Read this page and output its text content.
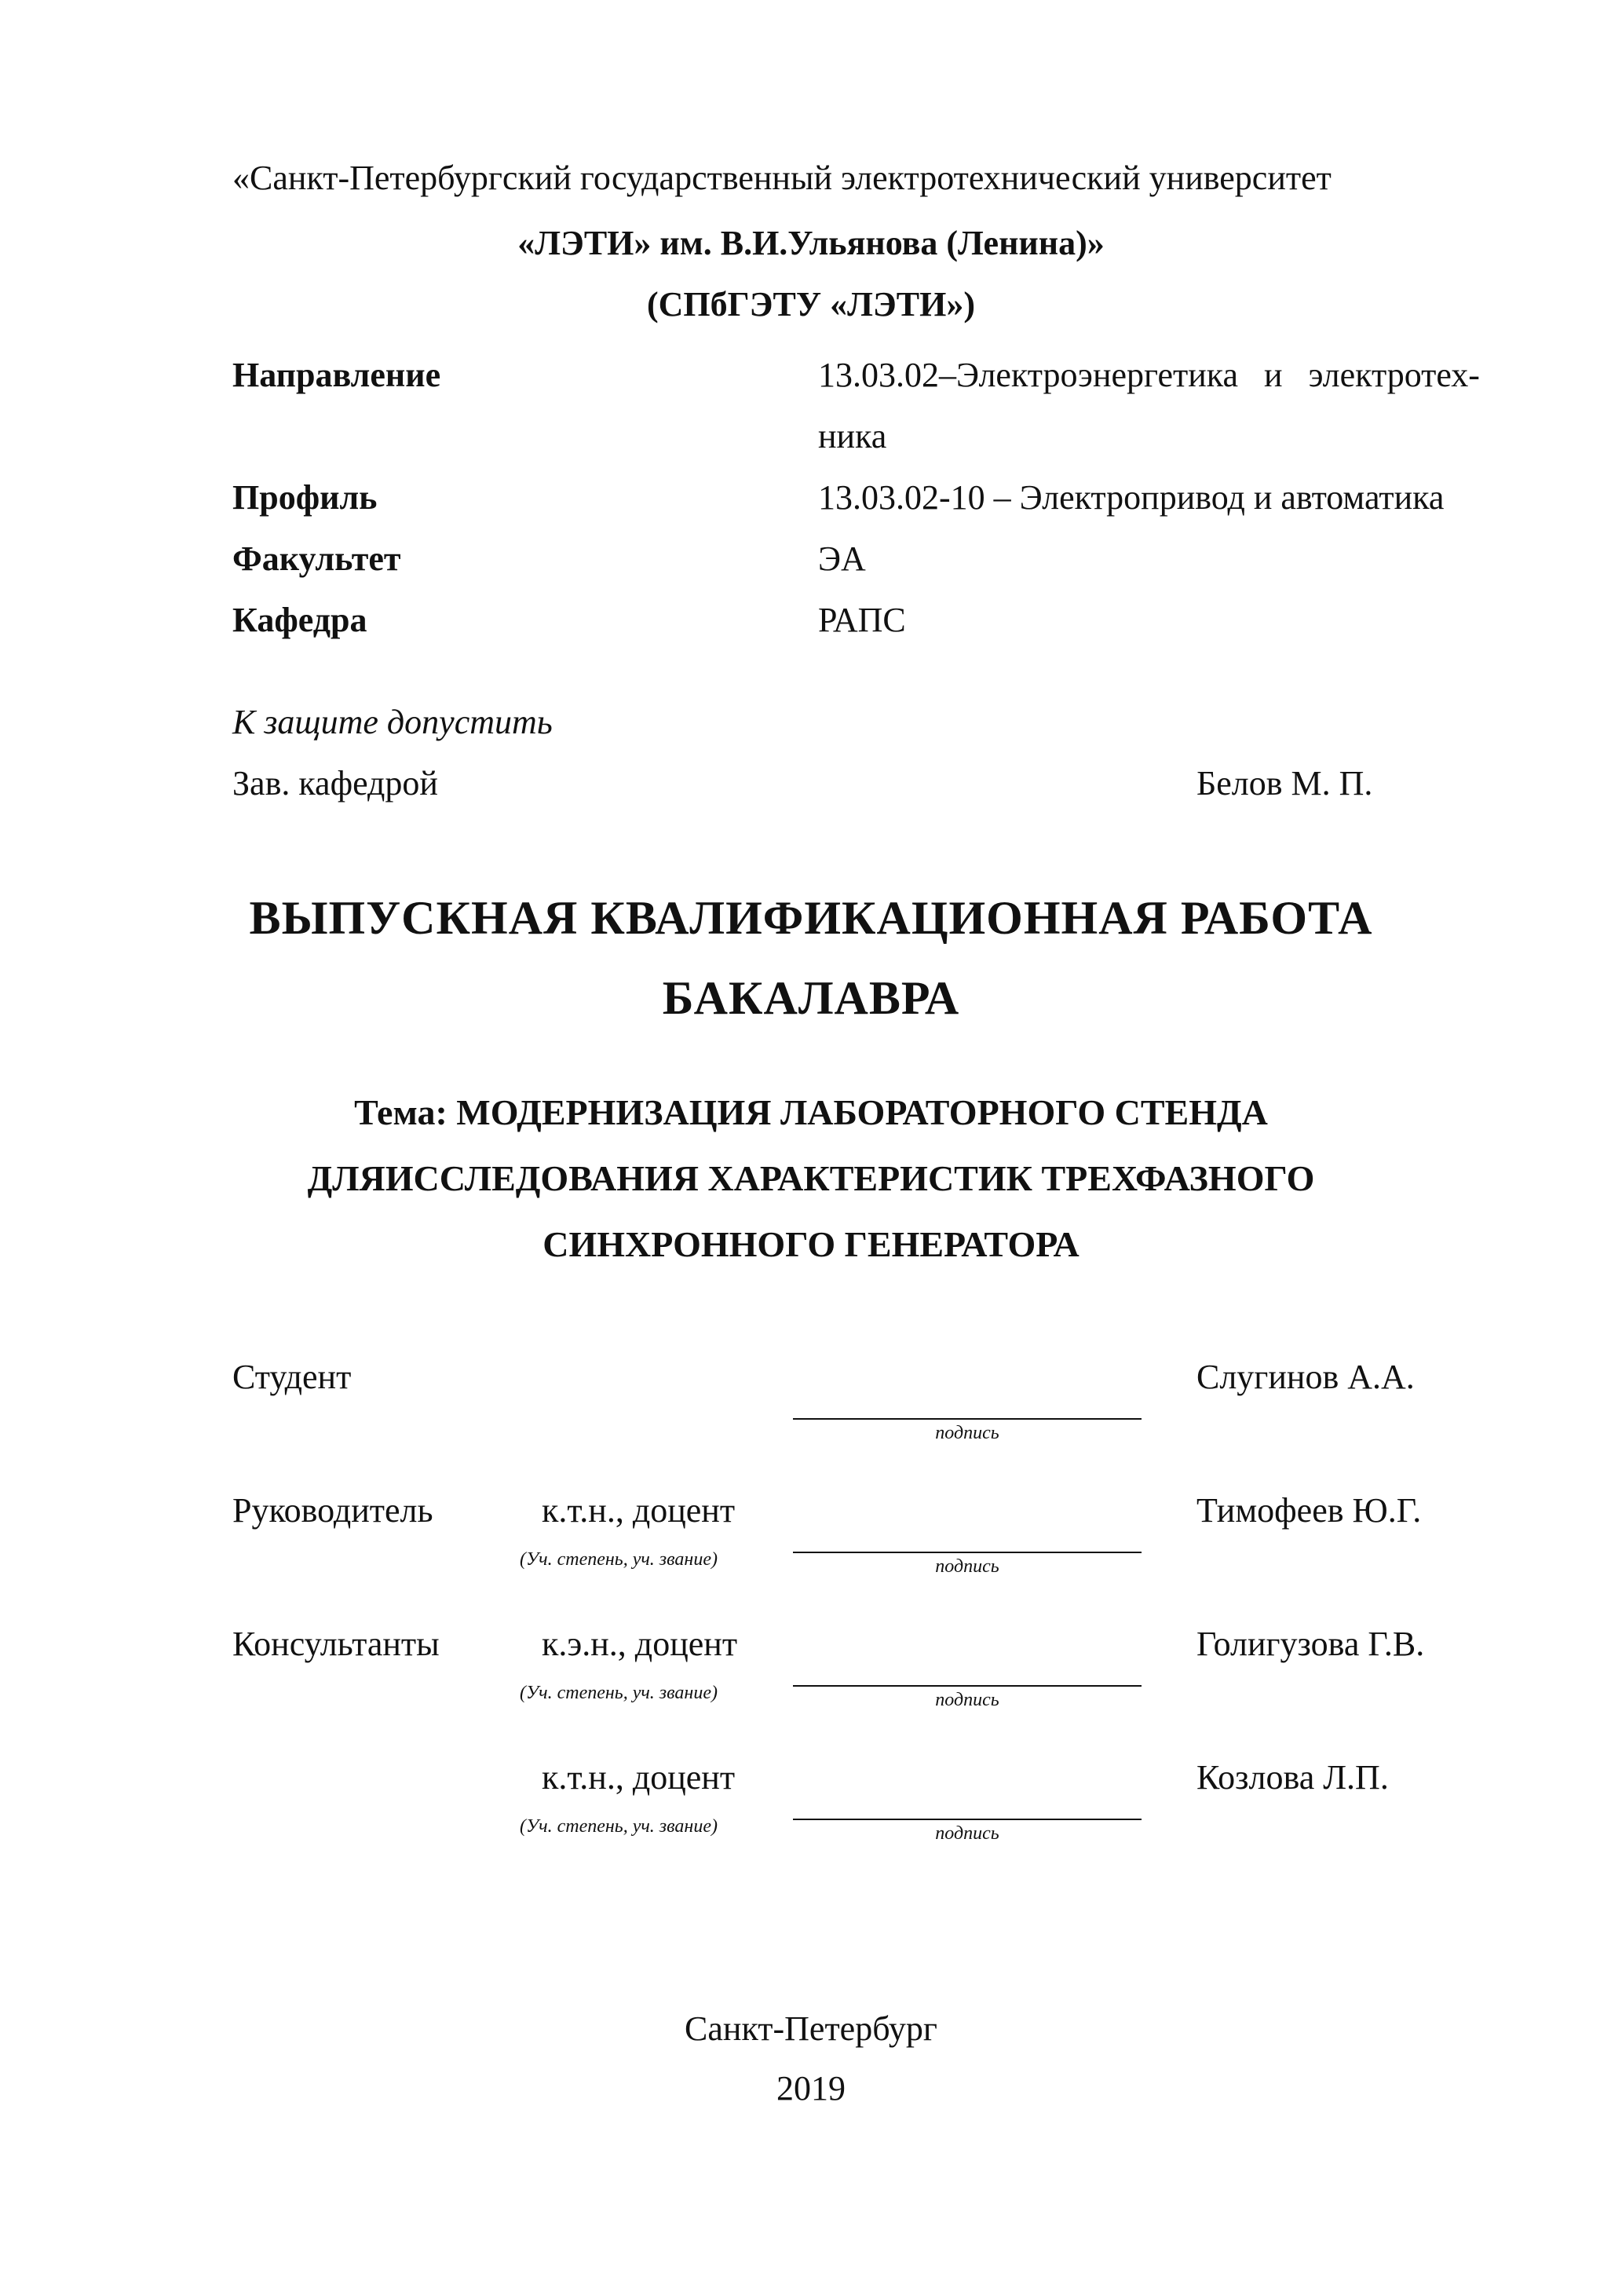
«Санкт-Петербургский государственный электротехнический университет
«ЛЭТИ» им. В.И.Ульянова (Ленина)»
(СПбГЭТУ «ЛЭТИ»)
Направление	13.03.02–Электроэнергетика   и   электротех-
ника
Профиль	13.03.02-10 – Электропривод и автоматика
Факультет	ЭА
Кафедра	РАПС
К защите допустить
Зав. кафедрой	Белов М. П.
ВЫПУСКНАЯ КВАЛИФИКАЦИОННАЯ РАБОТА
БАКАЛАВРА
Тема: МОДЕРНИЗАЦИЯ ЛАБОРАТОРНОГО СТЕНДА
ДЛЯИССЛЕДОВАНИЯ ХАРАКТЕРИСТИК ТРЕХФАЗНОГО
СИНХРОННОГО ГЕНЕРАТОРА
Студент	Слугинов А.А.
подпись
Руководитель	к.т.н., доцент	Тимофеев Ю.Г.
(Уч. степень, уч. звание)	подпись
Консультанты	к.э.н., доцент	Голигузова Г.В.
(Уч. степень, уч. звание)	подпись
к.т.н., доцент	Козлова Л.П.
(Уч. степень, уч. звание)	подпись
Санкт-Петербург
2019
